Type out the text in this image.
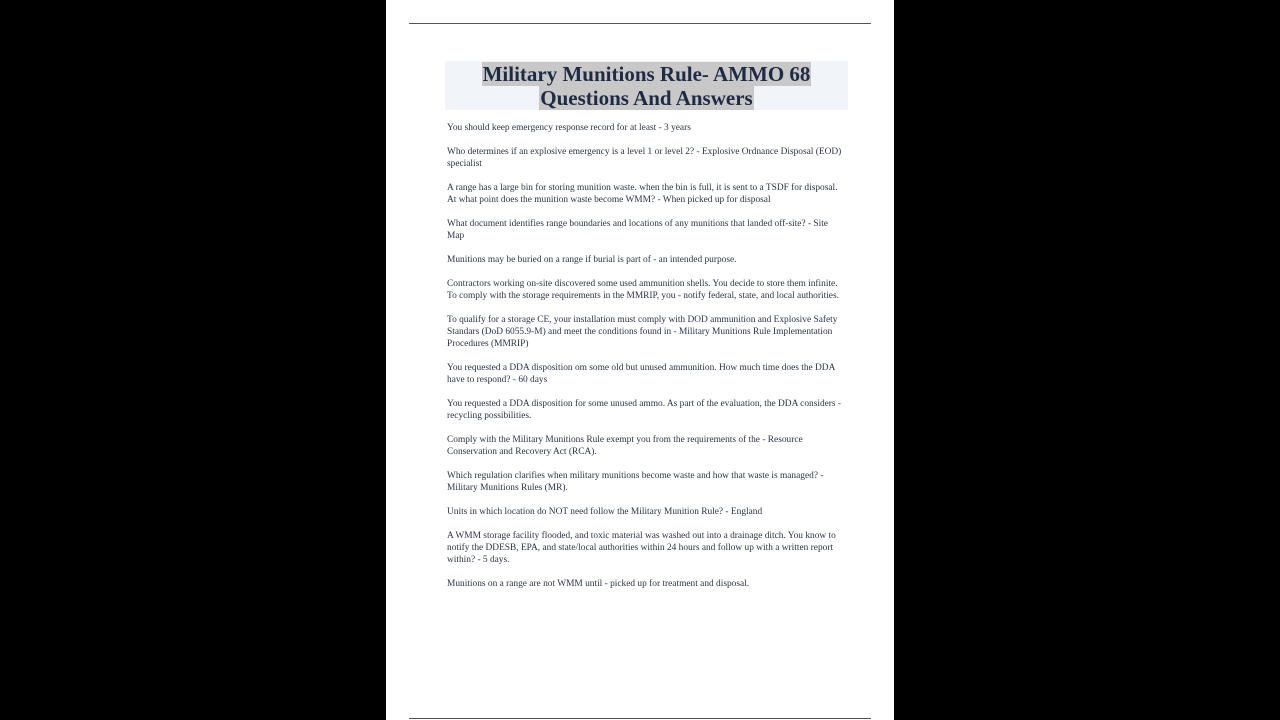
Military Munitions Rule- AMMO 68
Questions And Answers
You should keep emergency response record for at least - 3 years
Who determines if an explosive emergency is a level 1 or level 2? - Explosive Ordnance Disposal (EOD) specialist
A range has a large bin for storing munition waste. when the bin is full, it is sent to a TSDF for disposal. At what point does the munition waste become WMM? - When picked up for disposal
What document identifies range boundaries and locations of any munitions that landed off-site? - Site Map
Munitions may be buried on a range if burial is part of - an intended purpose.
Contractors working on-site discovered some used ammunition shells. You decide to store them infinite. To comply with the storage requirements in the MMRIP, you - notify federal, state, and local authorities.
To qualify for a storage CE, your installation must comply with DOD ammunition and Explosive Safety Standars (DoD 6055.9-M) and meet the conditions found in - Military Munitions Rule Implementation Procedures (MMRIP)
You requested a DDA disposition om some old but unused ammunition. How much time does the DDA have to respond? - 60 days
You requested a DDA disposition for some unused ammo. As part of the evaluation, the DDA considers - recycling possibilities.
Comply with the Military Munitions Rule exempt you from the requirements of the - Resource Conservation and Recovery Act (RCA).
Which regulation clarifies when military munitions become waste and how that waste is managed? - Military Munitions Rules (MR).
Units in which location do NOT need follow the Military Munition Rule? - England
A WMM storage facility flooded, and toxic material was washed out into a drainage ditch. You know to notify the DDESB, EPA, and state/local authorities within 24 hours and follow up with a written report within? - 5 days.
Munitions on a range are not WMM until - picked up for treatment and disposal.
